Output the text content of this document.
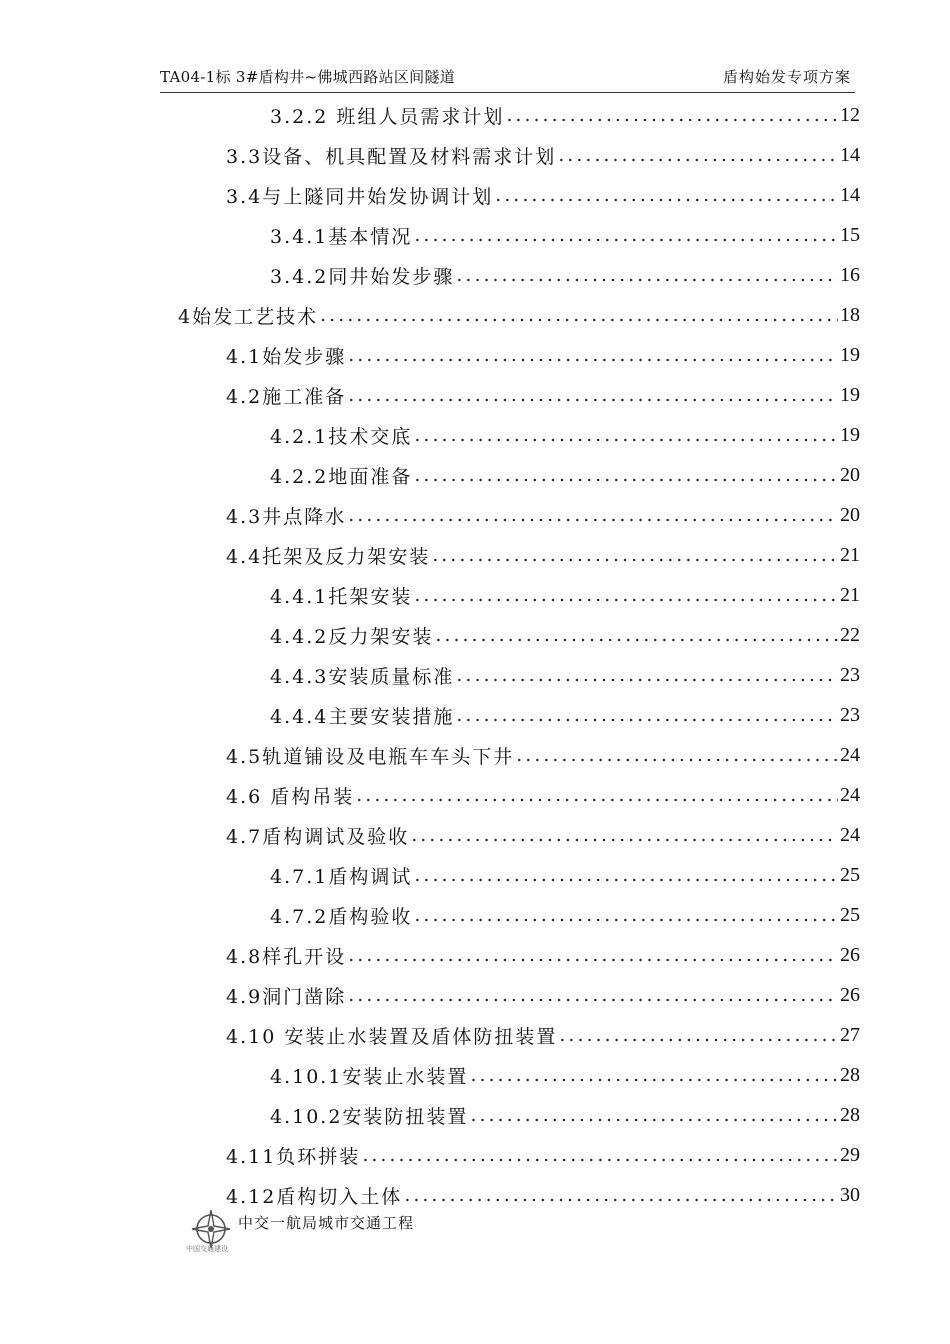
TA04-1标 3#盾构井~佛城西路站区间隧道	盾构始发专项方案
3.2.2 班组人员需求计划 .....	12
3.3设备、机具配置及材料需求计划 .....	14
3.4与上隧同井始发协调计划 .....	14
3.4.1基本情况 .....	15
3.4.2同井始发步骤 .....	16
4始发工艺技术 .....	18
4.1始发步骤 .....	19
4.2施工准备 .....	19
4.2.1技术交底 .....	19
4.2.2地面准备 .....	20
4.3井点降水 .....	20
4.4托架及反力架安装 .....	21
4.4.1托架安装 .....	21
4.4.2反力架安装 .....	22
4.4.3安装质量标准 .....	23
4.4.4主要安装措施 .....	23
4.5轨道铺设及电瓶车车头下井 .....	24
4.6 盾构吊装 .....	24
4.7盾构调试及验收 .....	24
4.7.1盾构调试 .....	25
4.7.2盾构验收 .....	25
4.8样孔开设 .....	26
4.9洞门凿除 .....	26
4.10 安装止水装置及盾体防扭装置 .....	27
4.10.1安装止水装置 .....	28
4.10.2安装防扭装置 .....	28
4.11负环拼装 .....	29
4.12盾构切入土体 .....	30
中国交通建设
中交一航局城市交通工程
